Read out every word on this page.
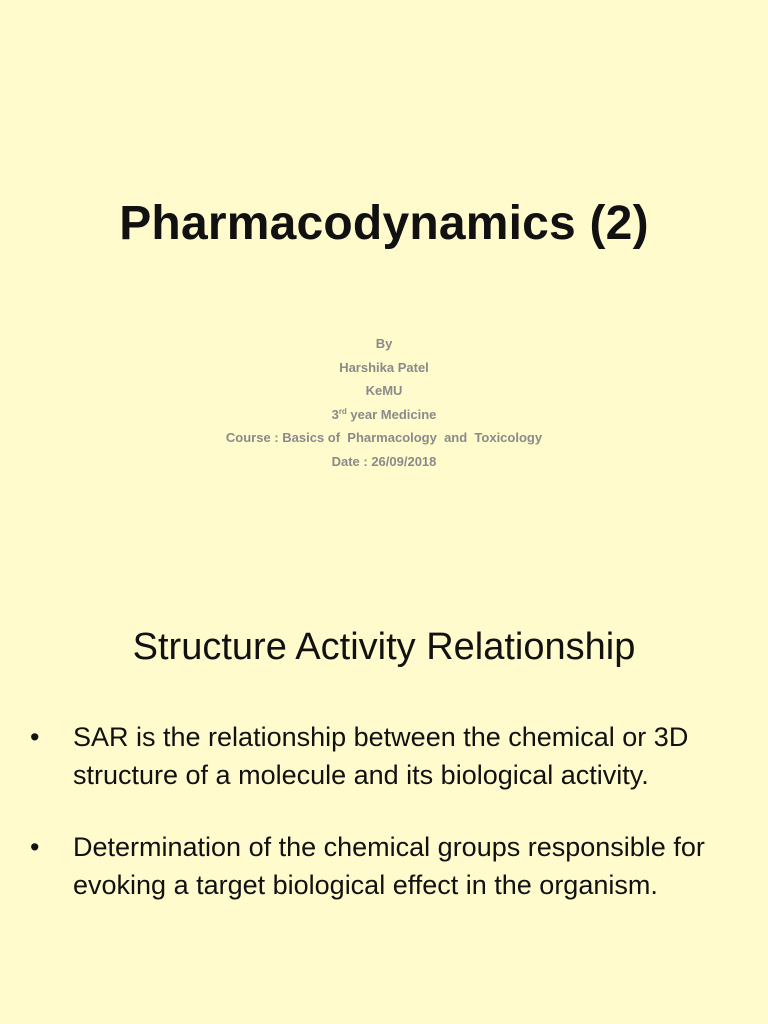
Pharmacodynamics (2)
By
Harshika Patel
KeMU
3rd year Medicine
Course : Basics of  Pharmacology  and  Toxicology
Date : 26/09/2018
Structure Activity Relationship
• SAR is the relationship between the chemical or 3D structure of a molecule and its biological activity.
• Determination of the chemical groups responsible for evoking a target biological effect in the organism.
